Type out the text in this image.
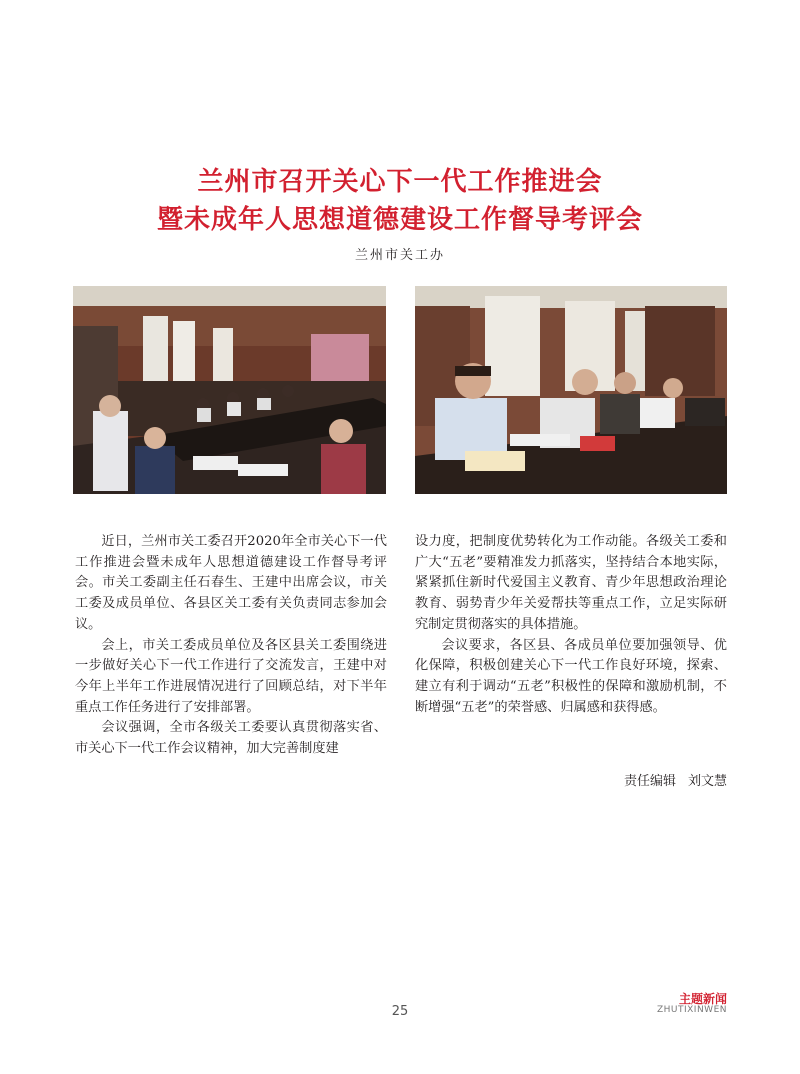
兰州市召开关心下一代工作推进会
暨未成年人思想道德建设工作督导考评会
兰州市关工办

近日，兰州市关工委召开2020年全市关心下一代工作推进会暨未成年人思想道德建设工作督导考评会。市关工委副主任石春生、王建中出席会议，市关工委及成员单位、各县区关工委有关负责同志参加会议。

会上，市关工委成员单位及各区县关工委围绕进一步做好关心下一代工作进行了交流发言，王建中对今年上半年工作进展情况进行了回顾总结，对下半年重点工作任务进行了安排部署。

会议强调，全市各级关工委要认真贯彻落实省、市关心下一代工作会议精神，加大完善制度建

设力度，把制度优势转化为工作动能。各级关工委和广大“五老”要精准发力抓落实，坚持结合本地实际，紧紧抓住新时代爱国主义教育、青少年思想政治理论教育、弱势青少年关爱帮扶等重点工作，立足实际研究制定贯彻落实的具体措施。

会议要求，各区县、各成员单位要加强领导、优化保障，积极创建关心下一代工作良好环境，探索、建立有利于调动“五老”积极性的保障和激励机制，不断增强“五老”的荣誉感、归属感和获得感。

责任编辑 刘文慧
25
主题新闻
ZHUTIXINWEN
